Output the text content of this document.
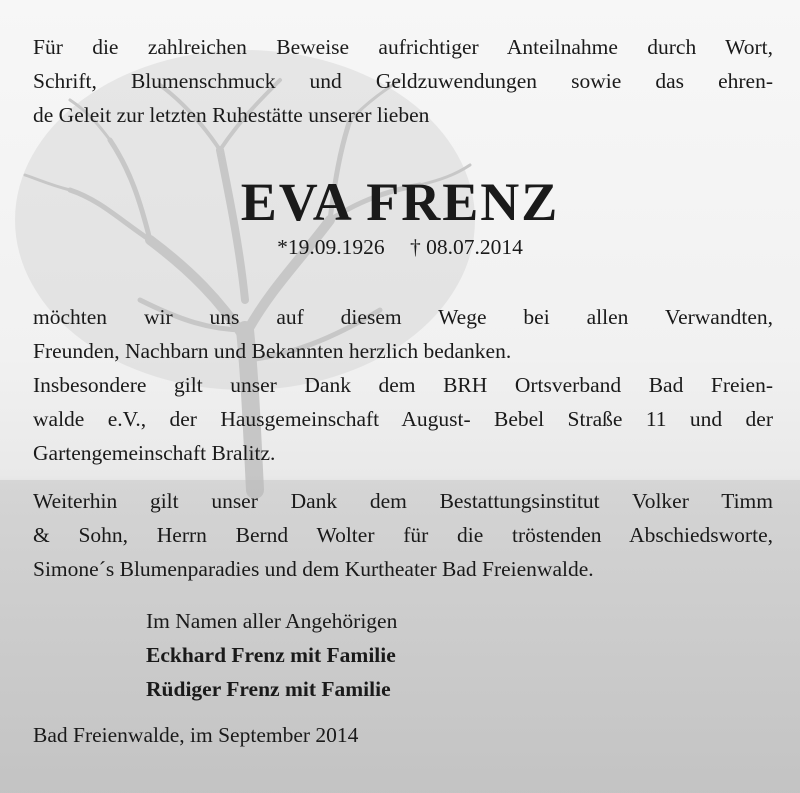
Für die zahlreichen Beweise aufrichtiger Anteilnahme durch Wort,
Schrift, Blumenschmuck und Geldzuwendungen sowie das ehren-
de Geleit zur letzten Ruhestätte unserer lieben
EVA FRENZ
*19.09.1926 † 08.07.2014
möchten wir uns auf diesem Wege bei allen Verwandten,
Freunden, Nachbarn und Bekannten herzlich bedanken.
Insbesondere gilt unser Dank dem BRH Ortsverband Bad Freien-
walde e.V., der Hausgemeinschaft August- Bebel Straße 11 und der
Gartengemeinschaft Bralitz.
Weiterhin gilt unser Dank dem Bestattungsinstitut Volker Timm
& Sohn, Herrn Bernd Wolter für die tröstenden Abschiedsworte,
Simone´s Blumenparadies und dem Kurtheater Bad Freienwalde.
Im Namen aller Angehörigen
Eckhard Frenz mit Familie
Rüdiger Frenz mit Familie
Bad Freienwalde, im September 2014
